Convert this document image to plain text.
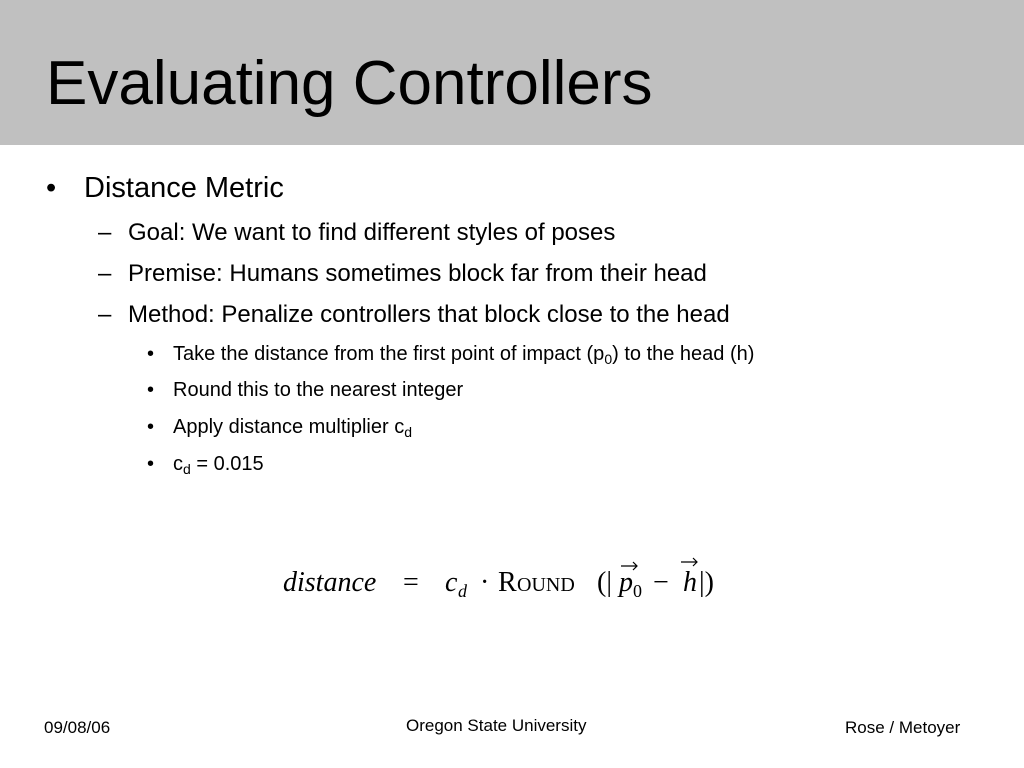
Evaluating Controllers
• Distance Metric
– Goal: We want to find different styles of poses
– Premise: Humans sometimes block far from their head
– Method: Penalize controllers that block close to the head
• Take the distance from the first point of impact $(p_0)$ to the head (h)
• Round this to the nearest integer
• Apply distance multiplier $c_d$
• $c_d = 0.015$
distance = c d · R OUND (| p 0 − h |)
09/08/06	Oregon State University	Rose / Metoyer
